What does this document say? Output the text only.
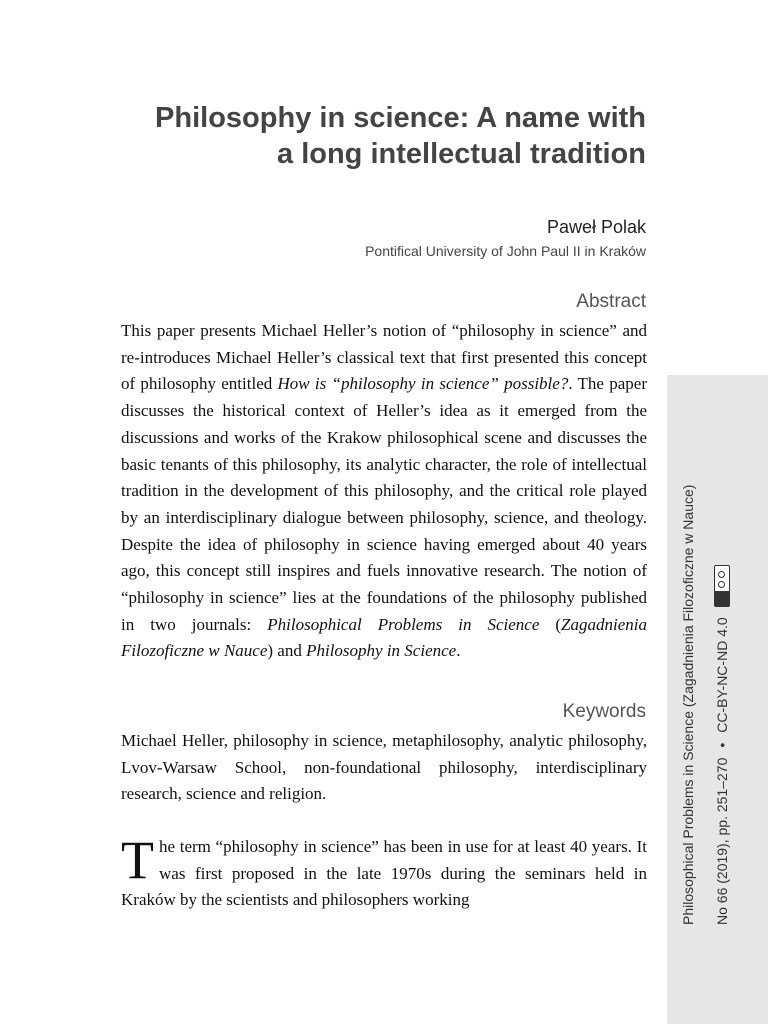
Philosophy in science: A name with
a long intellectual tradition
Paweł Polak
Pontifical University of John Paul II in Kraków
Abstract

This paper presents Michael Heller’s notion of “philosophy in science” and re-introduces Michael Heller’s classical text that first presented this concept of philosophy entitled How is “philosophy in science” possible?. The paper discusses the historical context of Heller’s idea as it emerged from the discussions and works of the Krakow philosophical scene and discusses the basic tenants of this philosophy, its analytic character, the role of intellectual tradition in the development of this philosophy, and the critical role played by an interdisciplinary dialogue between philosophy, science, and theology. Despite the idea of philosophy in science having emerged about 40 years ago, this concept still inspires and fuels innovative research. The notion of “philosophy in science” lies at the foundations of the philosophy published in two journals: Philosophical Problems in Science (Zagadnienia Filozoficzne w Nauce) and Philosophy in Science.

Keywords

Michael Heller, philosophy in science, metaphilosophy, analytic philosophy, Lvov-Warsaw School, non-foundational philosophy, interdisciplinary research, science and religion.

The term “philosophy in science” has been in use for at least 40 years. It was first proposed in the late 1970s during the seminars held in Kraków by the scientists and philosophers working	Philosophical Problems in Science (Zagadnienia Filozoficzne w Nauce) No 66 (2019), pp. 251–270
•
CC-BY-NC-ND 4.0
